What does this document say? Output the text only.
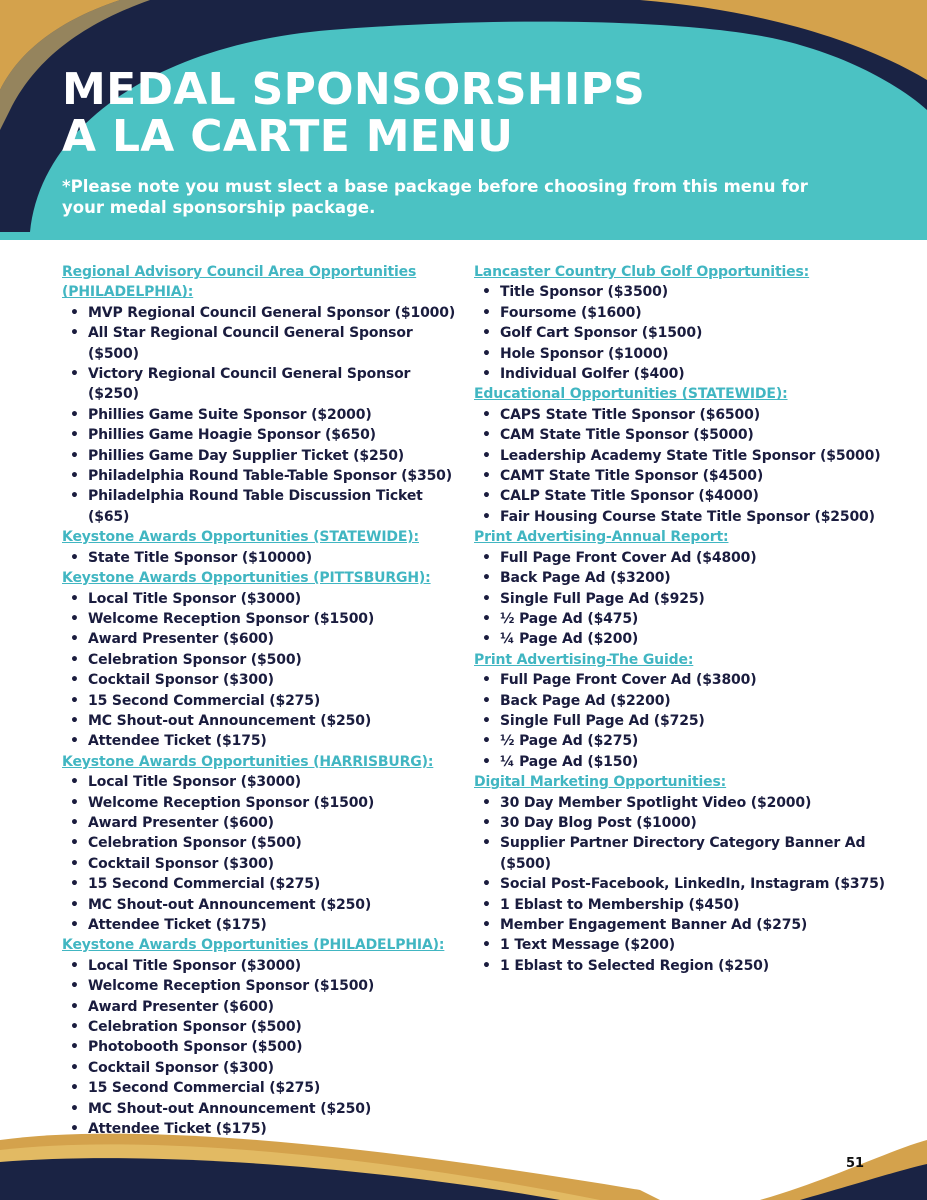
MEDAL SPONSORSHIPS
A LA CARTE MENU

*Please note you must slect a base package before choosing from this menu for your medal sponsorship package.

Regional Advisory Council Area Opportunities (PHILADELPHIA):
• MVP Regional Council General Sponsor ($1000)
• All Star Regional Council General Sponsor ($500)
• Victory Regional Council General Sponsor ($250)
• Phillies Game Suite Sponsor ($2000)
• Phillies Game Hoagie Sponsor ($650)
• Phillies Game Day Supplier Ticket ($250)
• Philadelphia Round Table-Table Sponsor ($350)
• Philadelphia Round Table Discussion Ticket ($65)
Keystone Awards Opportunities (STATEWIDE):
• State Title Sponsor ($10000)
Keystone Awards Opportunities (PITTSBURGH):
• Local Title Sponsor ($3000)
• Welcome Reception Sponsor ($1500)
• Award Presenter ($600)
• Celebration Sponsor ($500)
• Cocktail Sponsor ($300)
• 15 Second Commercial ($275)
• MC Shout-out Announcement ($250)
• Attendee Ticket ($175)
Keystone Awards Opportunities (HARRISBURG):
• Local Title Sponsor ($3000)
• Welcome Reception Sponsor ($1500)
• Award Presenter ($600)
• Celebration Sponsor ($500)
• Cocktail Sponsor ($300)
• 15 Second Commercial ($275)
• MC Shout-out Announcement ($250)
• Attendee Ticket ($175)
Keystone Awards Opportunities (PHILADELPHIA):
• Local Title Sponsor ($3000)
• Welcome Reception Sponsor ($1500)
• Award Presenter ($600)
• Celebration Sponsor ($500)
• Photobooth Sponsor ($500)
• Cocktail Sponsor ($300)
• 15 Second Commercial ($275)
• MC Shout-out Announcement ($250)
• Attendee Ticket ($175)
Lancaster Country Club Golf Opportunities:
• Title Sponsor ($3500)
• Foursome ($1600)
• Golf Cart Sponsor ($1500)
• Hole Sponsor ($1000)
• Individual Golfer ($400)
Educational Opportunities (STATEWIDE):
• CAPS State Title Sponsor ($6500)
• CAM State Title Sponsor ($5000)
• Leadership Academy State Title Sponsor ($5000)
• CAMT State Title Sponsor ($4500)
• CALP State Title Sponsor ($4000)
• Fair Housing Course State Title Sponsor ($2500)
Print Advertising-Annual Report:
• Full Page Front Cover Ad ($4800)
• Back Page Ad ($3200)
• Single Full Page Ad ($925)
• ½ Page Ad ($475)
• ¼ Page Ad ($200)
Print Advertising-The Guide:
• Full Page Front Cover Ad ($3800)
• Back Page Ad ($2200)
• Single Full Page Ad ($725)
• ½ Page Ad ($275)
• ¼ Page Ad ($150)
Digital Marketing Opportunities:
• 30 Day Member Spotlight Video ($2000)
• 30 Day Blog Post ($1000)
• Supplier Partner Directory Category Banner Ad ($500)
• Social Post-Facebook, LinkedIn, Instagram ($375)
• 1 Eblast to Membership ($450)
• Member Engagement Banner Ad ($275)
• 1 Text Message ($200)
• 1 Eblast to Selected Region ($250)
51
